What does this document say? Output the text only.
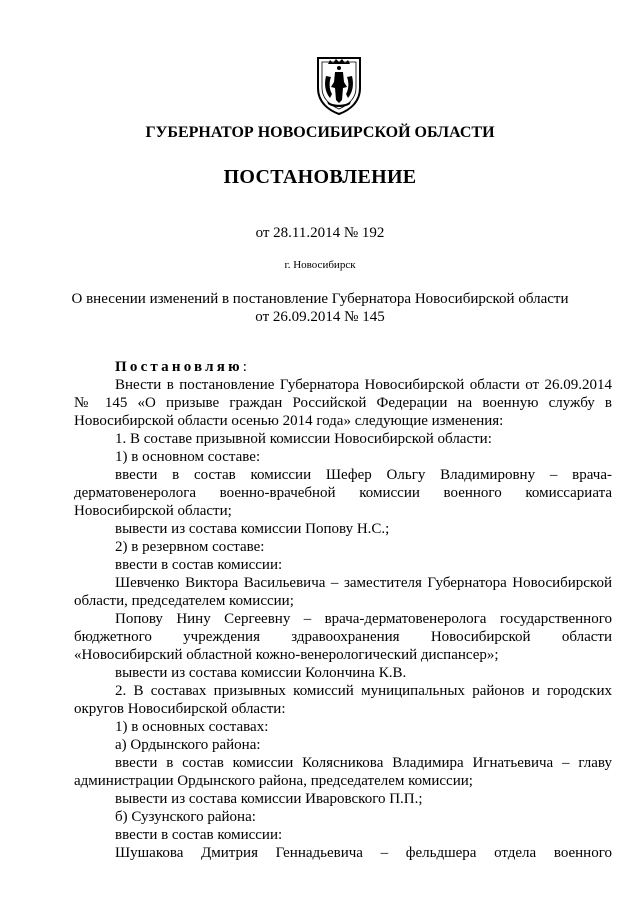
ГУБЕРНАТОР НОВОСИБИРСКОЙ ОБЛАСТИ
ПОСТАНОВЛЕНИЕ
от 28.11.2014 № 192
г. Новосибирск
О внесении изменений в постановление Губернатора Новосибирской области
от 26.09.2014 № 145
Постановляю:
Внести в постановление Губернатора Новосибирской области от 26.09.2014
№ 145 «О призыве граждан Российской Федерации на военную службу в
Новосибирской области осенью 2014 года» следующие изменения:
1. В составе призывной комиссии Новосибирской области:
1) в основном составе:
ввести в состав комиссии Шефер Ольгу Владимировну – врача-
дерматовенеролога военно-врачебной комиссии военного комиссариата
Новосибирской области;
вывести из состава комиссии Попову Н.С.;
2) в резервном составе:
ввести в состав комиссии:
Шевченко Виктора Васильевича – заместителя Губернатора Новосибирской
области, председателем комиссии;
Попову Нину Сергеевну – врача-дерматовенеролога государственного
бюджетного учреждения здравоохранения Новосибирской области
«Новосибирский областной кожно-венерологический диспансер»;
вывести из состава комиссии Колончина К.В.
2. В составах призывных комиссий муниципальных районов и городских
округов Новосибирской области:
1) в основных составах:
а) Ордынского района:
ввести в состав комиссии Колясникова Владимира Игнатьевича – главу
администрации Ордынского района, председателем комиссии;
вывести из состава комиссии Иваровского П.П.;
б) Сузунского района:
ввести в состав комиссии:
Шушакова Дмитрия Геннадьевича – фельдшера отдела военного
